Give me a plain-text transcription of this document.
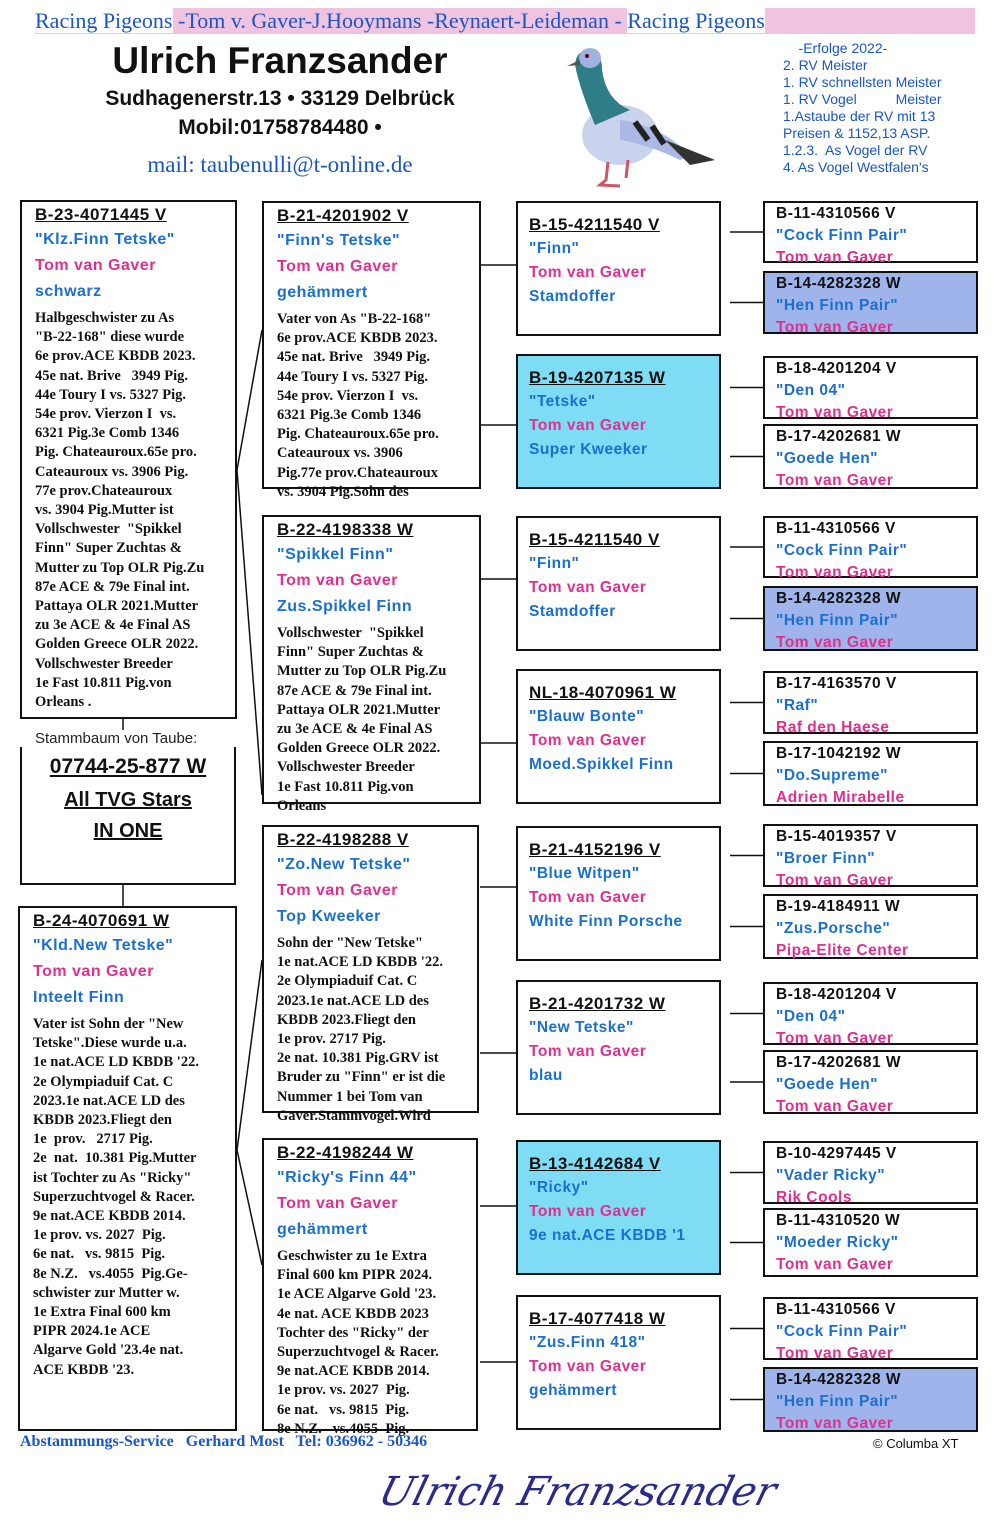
Racing Pigeons -Tom v. Gaver-J.Hooymans -Reynaert-Leideman - Racing Pigeons
Ulrich Franzsander
Sudhagenerstr.13 • 33129 Delbrück
Mobil:01758784480 •
mail: taubenulli@t-online.de
-Erfolge 2022-
2. RV Meister
1. RV schnellsten Meister
1. RV Vogel          Meister
1.Astaube der RV mit 13
Preisen & 1152,13 ASP.
1.2.3.  As Vogel der RV
4. As Vogel Westfalen's
B-23-4071445 V
"Klz.Finn Tetske"
Tom van Gaver
schwarz
Halbgeschwister zu As
"B-22-168" diese wurde
6e prov.ACE KBDB 2023.
45e nat. Brive   3949 Pig.
44e Toury I vs. 5327 Pig.
54e prov. Vierzon I  vs.
6321 Pig.3e Comb 1346
Pig. Chateauroux.65e pro.
Cateauroux vs. 3906 Pig.
77e prov.Chateauroux
vs. 3904 Pig.Mutter ist
Vollschwester  "Spikkel
Finn" Super Zuchtas &
Mutter zu Top OLR Pig.Zu
87e ACE & 79e Final int.
Pattaya OLR 2021.Mutter
zu 3e ACE & 4e Final AS
Golden Greece OLR 2022.
Vollschwester Breeder
1e Fast 10.811 Pig.von
Orleans .
B-24-4070691 W
"Kld.New Tetske"
Tom van Gaver
Inteelt Finn
Vater ist Sohn der "New
Tetske".Diese wurde u.a.
1e nat.ACE LD KBDB '22.
2e Olympiaduif Cat. C
2023.1e nat.ACE LD des
KBDB 2023.Fliegt den
1e  prov.   2717 Pig.
2e  nat.  10.381 Pig.Mutter
ist Tochter zu As "Ricky"
Superzuchtvogel & Racer.
9e nat.ACE KBDB 2014.
1e prov. vs. 2027  Pig.
6e nat.   vs. 9815  Pig.
8e N.Z.   vs.4055  Pig.Ge-
schwister zur Mutter w.
1e Extra Final 600 km
PIPR 2024.1e ACE
Algarve Gold '23.4e nat.
ACE KBDB '23.
B-21-4201902 V
"Finn's Tetske"
Tom van Gaver
gehämmert
Vater von As "B-22-168"
6e prov.ACE KBDB 2023.
45e nat. Brive   3949 Pig.
44e Toury I vs. 5327 Pig.
54e prov. Vierzon I  vs.
6321 Pig.3e Comb 1346
Pig. Chateauroux.65e pro.
Cateauroux vs. 3906
Pig.77e prov.Chateauroux
vs. 3904 Pig.Sohn des
B-22-4198338 W
"Spikkel Finn"
Tom van Gaver
Zus.Spikkel Finn
Vollschwester  "Spikkel
Finn" Super Zuchtas &
Mutter zu Top OLR Pig.Zu
87e ACE & 79e Final int.
Pattaya OLR 2021.Mutter
zu 3e ACE & 4e Final AS
Golden Greece OLR 2022.
Vollschwester Breeder
1e Fast 10.811 Pig.von
Orleans
B-22-4198288 V
"Zo.New Tetske"
Tom van Gaver
Top Kweeker
Sohn der "New Tetske"
1e nat.ACE LD KBDB '22.
2e Olympiaduif Cat. C
2023.1e nat.ACE LD des
KBDB 2023.Fliegt den
1e prov. 2717 Pig.
2e nat. 10.381 Pig.GRV ist
Bruder zu "Finn" er ist die
Nummer 1 bei Tom van
Gaver.Stammvogel.Wird
B-22-4198244 W
"Ricky's Finn 44"
Tom van Gaver
gehämmert
Geschwister zu 1e Extra
Final 600 km PIPR 2024.
1e ACE Algarve Gold '23.
4e nat. ACE KBDB 2023
Tochter des "Ricky" der
Superzuchtvogel & Racer.
9e nat.ACE KBDB 2014.
1e prov. vs. 2027  Pig.
6e nat.   vs. 9815  Pig.
8e N.Z.   vs.4055  Pig.
B-15-4211540 V
"Finn"
Tom van Gaver
Stamdoffer
B-19-4207135 W
"Tetske"
Tom van Gaver
Super Kweeker
B-15-4211540 V
"Finn"
Tom van Gaver
Stamdoffer
NL-18-4070961 W
"Blauw Bonte"
Tom van Gaver
Moed.Spikkel Finn
B-21-4152196 V
"Blue Witpen"
Tom van Gaver
White Finn Porsche
B-21-4201732 W
"New Tetske"
Tom van Gaver
blau
B-13-4142684 V
"Ricky"
Tom van Gaver
9e nat.ACE KBDB '1
B-17-4077418 W
"Zus.Finn 418"
Tom van Gaver
gehämmert
B-11-4310566 V
"Cock Finn Pair"
Tom van Gaver
B-14-4282328 W
"Hen Finn Pair"
Tom van Gaver
B-18-4201204 V
"Den 04"
Tom van Gaver
B-17-4202681 W
"Goede Hen"
Tom van Gaver
B-11-4310566 V
"Cock Finn Pair"
Tom van Gaver
B-14-4282328 W
"Hen Finn Pair"
Tom van Gaver
B-17-4163570 V
"Raf"
Raf den Haese
B-17-1042192 W
"Do.Supreme"
Adrien Mirabelle
B-15-4019357 V
"Broer Finn"
Tom van Gaver
B-19-4184911 W
"Zus.Porsche"
Pipa-Elite Center
B-18-4201204 V
"Den 04"
Tom van Gaver
B-17-4202681 W
"Goede Hen"
Tom van Gaver
B-10-4297445 V
"Vader Ricky"
Rik Cools
B-11-4310520 W
"Moeder Ricky"
Tom van Gaver
B-11-4310566 V
"Cock Finn Pair"
Tom van Gaver
B-14-4282328 W
"Hen Finn Pair"
Tom van Gaver
07744-25-877 W
All TVG Stars
IN ONE
Stammbaum von Taube:
Abstammungs-Service   Gerhard Most   Tel: 036962 - 50346	© Columba XT
Ulrich Franzsander
